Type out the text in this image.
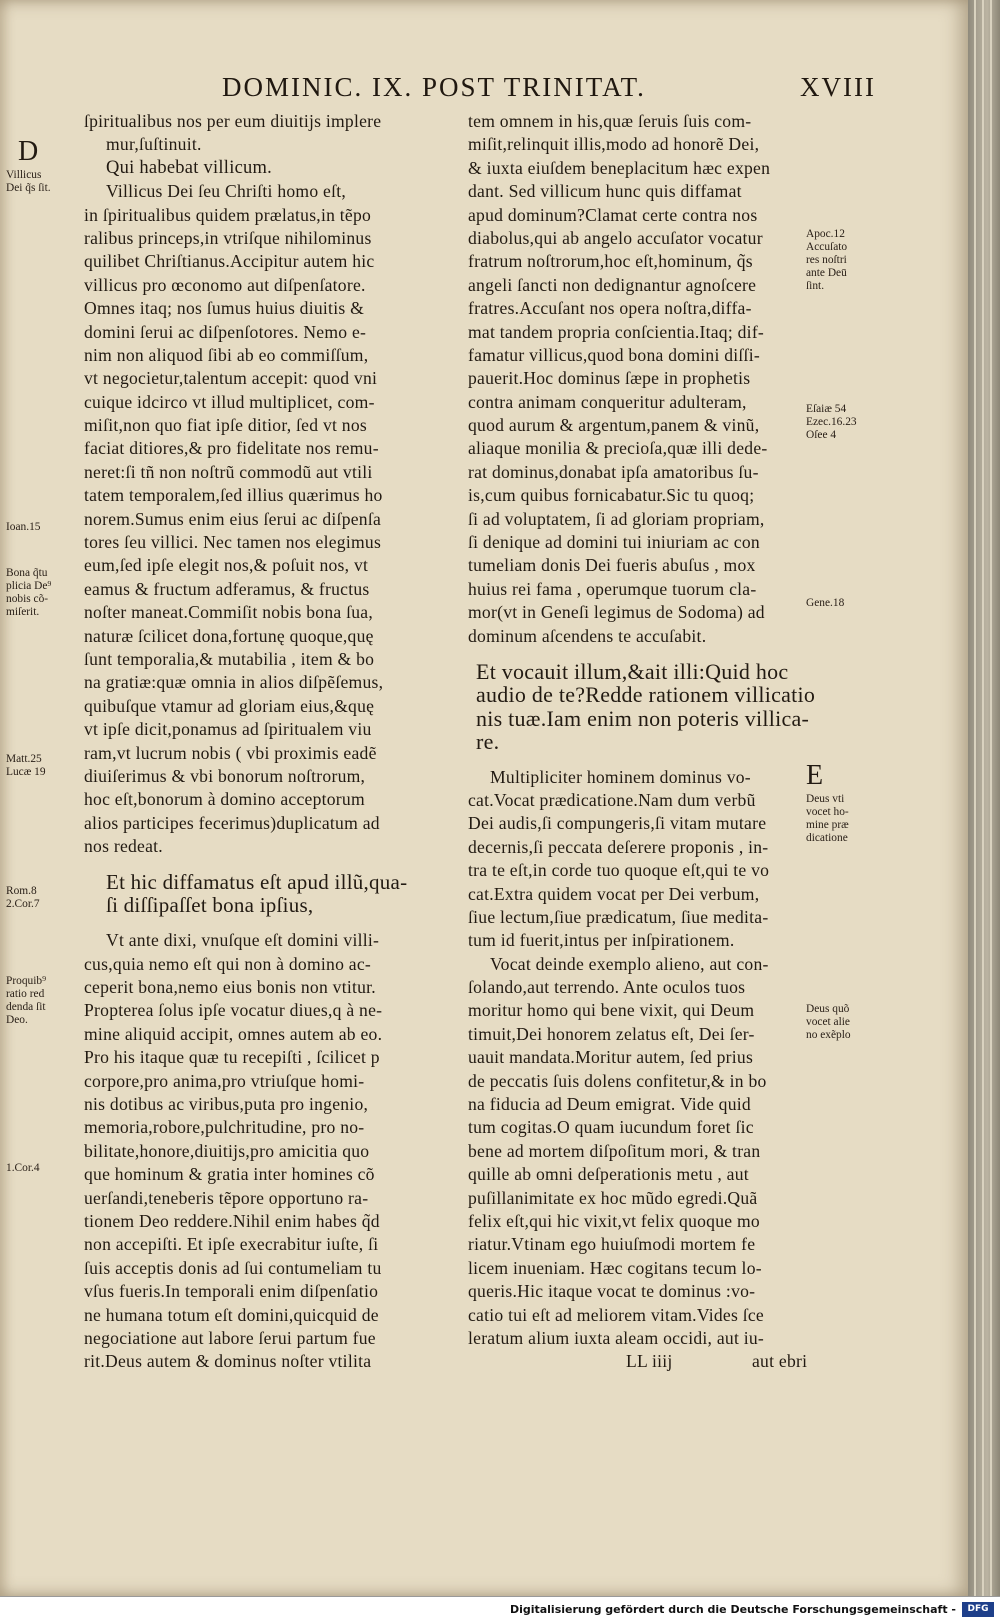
DOMINIC. IX. POST TRINITAT.	XVIII
D
E
Villicus
Dei q̃s ſit.
Ioan.15
Bona q̃tu
plicia De⁹
nobis cõ-
miſerit.
Matt.25
Lucæ 19
Rom.8
2.Cor.7
Proquib⁹
ratio red
denda ſit
Deo.
1.Cor.4
Apoc.12
Accuſato
res noſtri
ante Deū
ſint.
Eſaiæ 54
Ezec.16.23
Oſee 4
Gene.18
Deus vti
vocet ho-
mine præ
dicatione
Deus quõ
vocet alie
no exẽplo
ſpiritualibus nos per eum diuitijs implere
mur,ſuſtinuit.
Qui habebat villicum.
Villicus Dei ſeu Chriſti homo eſt,
in ſpiritualibus quidem prælatus,in tẽpo
ralibus princeps,in vtriſque nihilominus
quilibet Chriſtianus.Accipitur autem hic
villicus pro œconomo aut diſpenſatore.
Omnes itaq; nos ſumus huius diuitis &
domini ſerui ac diſpenſotores. Nemo e-
nim non aliquod ſibi ab eo commiſſum,
vt negocietur,talentum accepit: quod vni
cuique idcirco vt illud multiplicet, com-
miſit,non quo fiat ipſe ditior, ſed vt nos
faciat ditiores,& pro fidelitate nos remu-
neret:ſi tñ non noſtrũ commodũ aut vtili
tatem temporalem,ſed illius quærimus ho
norem.Sumus enim eius ſerui ac diſpenſa
tores ſeu villici. Nec tamen nos elegimus
eum,ſed ipſe elegit nos,& poſuit nos, vt
eamus & fructum adferamus, & fructus
noſter maneat.Commiſit nobis bona ſua,
naturæ ſcilicet dona,fortunę quoque,quę
ſunt temporalia,& mutabilia , item & bo
na gratiæ:quæ omnia in alios diſpẽſemus,
quibuſque vtamur ad gloriam eius,&quę
vt ipſe dicit,ponamus ad ſpiritualem viu
ram,vt lucrum nobis ( vbi proximis eadẽ
diuiſerimus & vbi bonorum noſtrorum,
hoc eſt,bonorum à domino acceptorum
alios participes fecerimus)duplicatum ad
nos redeat.
Et hic diffamatus eſt apud illũ,qua-
ſi diſſipaſſet bona ipſius,
Vt ante dixi, vnuſque eſt domini villi-
cus,quia nemo eſt qui non à domino ac-
ceperit bona,nemo eius bonis non vtitur.
Propterea ſolus ipſe vocatur diues,q à ne-
mine aliquid accipit, omnes autem ab eo.
Pro his itaque quæ tu recepiſti , ſcilicet p
corpore,pro anima,pro vtriuſque homi-
nis dotibus ac viribus,puta pro ingenio,
memoria,robore,pulchritudine, pro no-
bilitate,honore,diuitijs,pro amicitia quo
que hominum & gratia inter homines cõ
uerſandi,teneberis tẽpore opportuno ra-
tionem Deo reddere.Nihil enim habes q̃d
non accepiſti. Et ipſe execrabitur iuſte, ſi
ſuis acceptis donis ad ſui contumeliam tu
vſus fueris.In temporali enim diſpenſatio
ne humana totum eſt domini,quicquid de
negociatione aut labore ſerui partum fue
rit.Deus autem & dominus noſter vtilita
tem omnem in his,quæ ſeruis ſuis com-
miſit,relinquit illis,modo ad honorẽ Dei,
& iuxta eiuſdem beneplacitum hæc expen
dant. Sed villicum hunc quis diffamat
apud dominum?Clamat certe contra nos
diabolus,qui ab angelo accuſator vocatur
fratrum noſtrorum,hoc eſt,hominum, q̃s
angeli ſancti non dedignantur agnoſcere
fratres.Accuſant nos opera noſtra,diffa-
mat tandem propria conſcientia.Itaq; dif-
famatur villicus,quod bona domini diſſi-
pauerit.Hoc dominus ſæpe in prophetis
contra animam conqueritur adulteram,
quod aurum & argentum,panem & vinũ,
aliaque monilia & precioſa,quæ illi dede-
rat dominus,donabat ipſa amatoribus ſu-
is,cum quibus fornicabatur.Sic tu quoq;
ſi ad voluptatem, ſi ad gloriam propriam,
ſi denique ad domini tui iniuriam ac con
tumeliam donis Dei fueris abuſus , mox
huius rei fama , operumque tuorum cla-
mor(vt in Geneſi legimus de Sodoma) ad
dominum aſcendens te accuſabit.
Et vocauit illum,&ait illi:Quid hoc
audio de te?Redde rationem villicatio
nis tuæ.Iam enim non poteris villica-
re.
Multipliciter hominem dominus vo-
cat.Vocat prædicatione.Nam dum verbũ
Dei audis,ſi compungeris,ſi vitam mutare
decernis,ſi peccata deſerere proponis , in-
tra te eſt,in corde tuo quoque eſt,qui te vo
cat.Extra quidem vocat per Dei verbum,
ſiue lectum,ſiue prædicatum, ſiue medita-
tum id fuerit,intus per inſpirationem.
Vocat deinde exemplo alieno, aut con-
ſolando,aut terrendo. Ante oculos tuos
moritur homo qui bene vixit, qui Deum
timuit,Dei honorem zelatus eſt, Dei ſer-
uauit mandata.Moritur autem, ſed prius
de peccatis ſuis dolens confitetur,& in bo
na fiducia ad Deum emigrat. Vide quid
tum cogitas.O quam iucundum foret ſic
bene ad mortem diſpoſitum mori, & tran
quille ab omni deſperationis metu , aut
puſillanimitate ex hoc mũdo egredi.Quã
felix eſt,qui hic vixit,vt felix quoque mo
riatur.Vtinam ego huiuſmodi mortem fe
licem inueniam. Hæc cogitans tecum lo-
queris.Hic itaque vocat te dominus :vo-
catio tui eſt ad meliorem vitam.Vides ſce
leratum alium iuxta aleam occidi, aut iu-
LL iiij	aut ebri
Digitalisierung gefördert durch die Deutsche Forschungsgemeinschaft -	DFG
